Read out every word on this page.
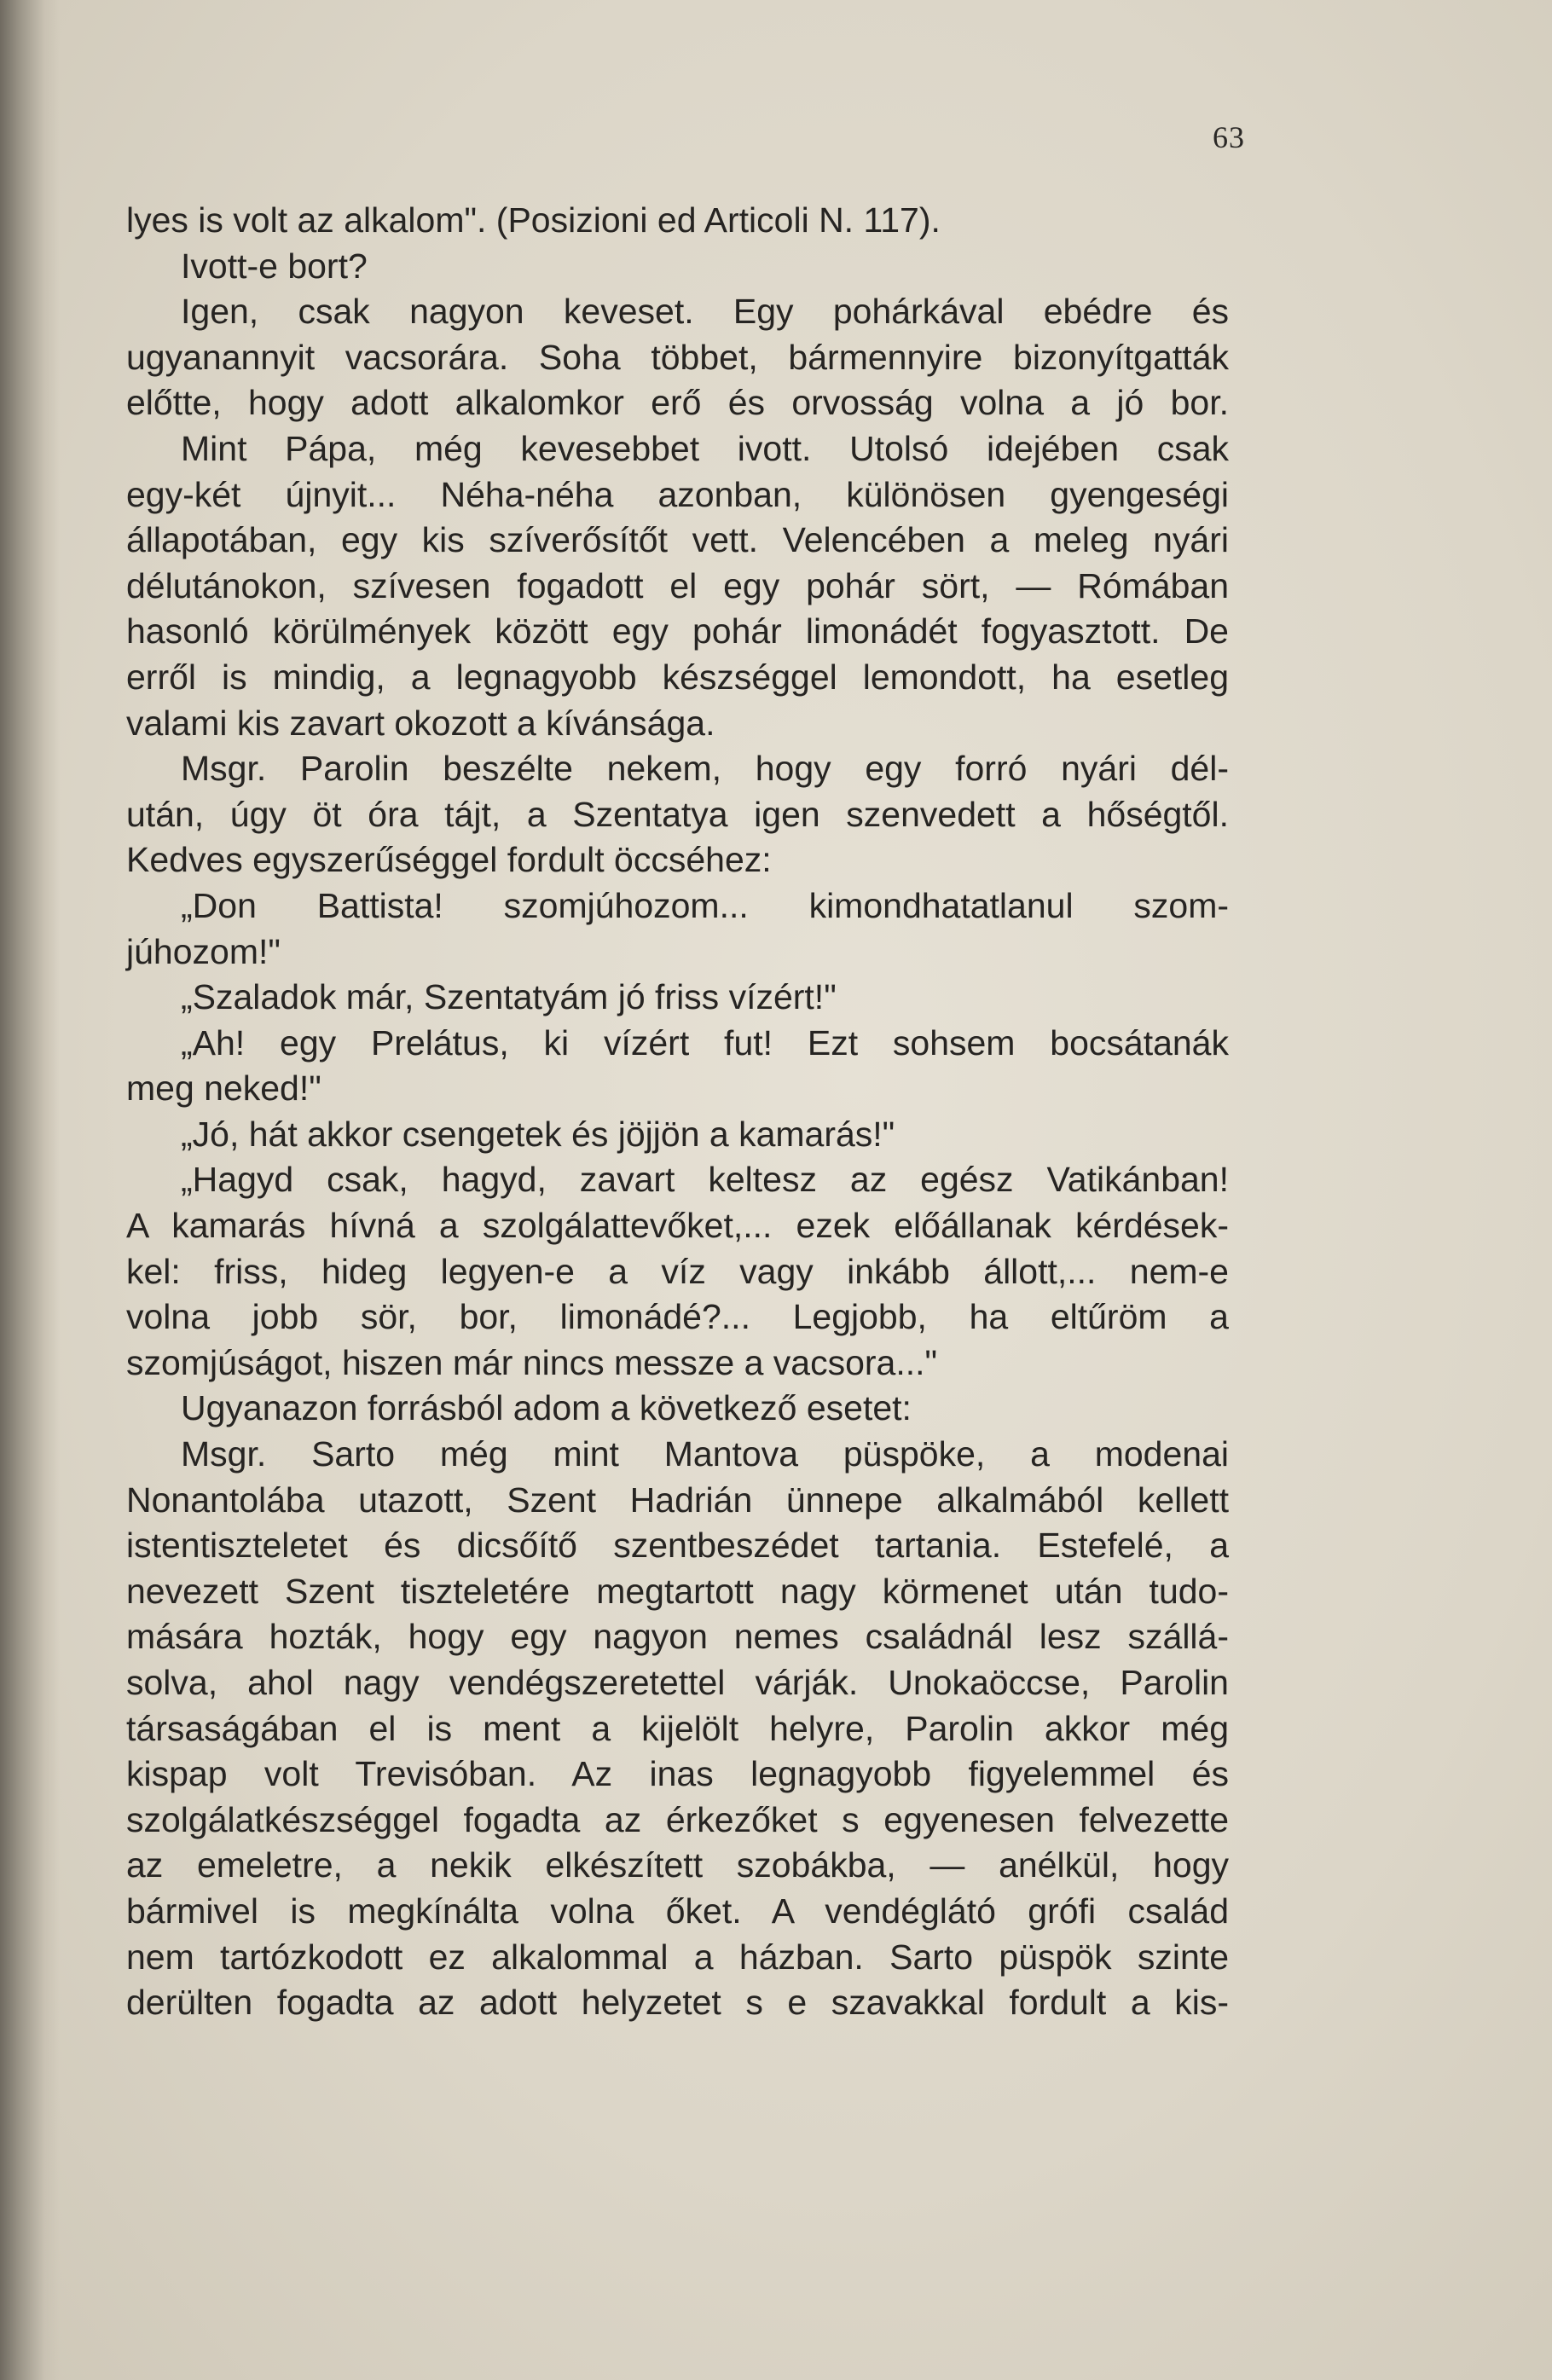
63

lyes is volt az alkalom". (Posizioni ed Articoli N. 117).

Ivott-e bort?

Igen, csak nagyon keveset. Egy pohárkával ebédre és

ugyanannyit vacsorára. Soha többet, bármennyire bizonyítgatták

előtte, hogy adott alkalomkor erő és orvosság volna a jó bor.

Mint Pápa, még kevesebbet ivott. Utolsó idejében csak

egy-két újnyit... Néha-néha azonban, különösen gyengeségi

állapotában, egy kis szíverősítőt vett. Velencében a meleg nyári

délutánokon, szívesen fogadott el egy pohár sört, — Rómában

hasonló körülmények között egy pohár limonádét fogyasztott. De

erről is mindig, a legnagyobb készséggel lemondott, ha esetleg

valami kis zavart okozott a kívánsága.

Msgr. Parolin beszélte nekem, hogy egy forró nyári dél-

után, úgy öt óra tájt, a Szentatya igen szenvedett a hőségtől.

Kedves egyszerűséggel fordult öccséhez:

„Don Battista! szomjúhozom... kimondhatatlanul szom-

júhozom!"

„Szaladok már, Szentatyám jó friss vízért!"

„Ah! egy Prelátus, ki vízért fut! Ezt sohsem bocsátanák

meg neked!"

„Jó, hát akkor csengetek és jöjjön a kamarás!"

„Hagyd csak, hagyd, zavart keltesz az egész Vatikánban!

A kamarás hívná a szolgálattevőket,... ezek előállanak kérdések-

kel: friss, hideg legyen-e a víz vagy inkább állott,... nem-e

volna jobb sör, bor, limonádé?... Legjobb, ha eltűröm a

szomjúságot, hiszen már nincs messze a vacsora..."

Ugyanazon forrásból adom a következő esetet:

Msgr. Sarto még mint Mantova püspöke, a modenai

Nonantolába utazott, Szent Hadrián ünnepe alkalmából kellett

istentiszteletet és dicsőítő szentbeszédet tartania. Estefelé, a

nevezett Szent tiszteletére megtartott nagy körmenet után tudo-

mására hozták, hogy egy nagyon nemes családnál lesz szállá-

solva, ahol nagy vendégszeretettel várják. Unokaöccse, Parolin

társaságában el is ment a kijelölt helyre, Parolin akkor még

kispap volt Trevisóban. Az inas legnagyobb figyelemmel és

szolgálatkészséggel fogadta az érkezőket s egyenesen felvezette

az emeletre, a nekik elkészített szobákba, — anélkül, hogy

bármivel is megkínálta volna őket. A vendéglátó grófi család

nem tartózkodott ez alkalommal a házban. Sarto püspök szinte

derülten fogadta az adott helyzetet s e szavakkal fordult a kis-
